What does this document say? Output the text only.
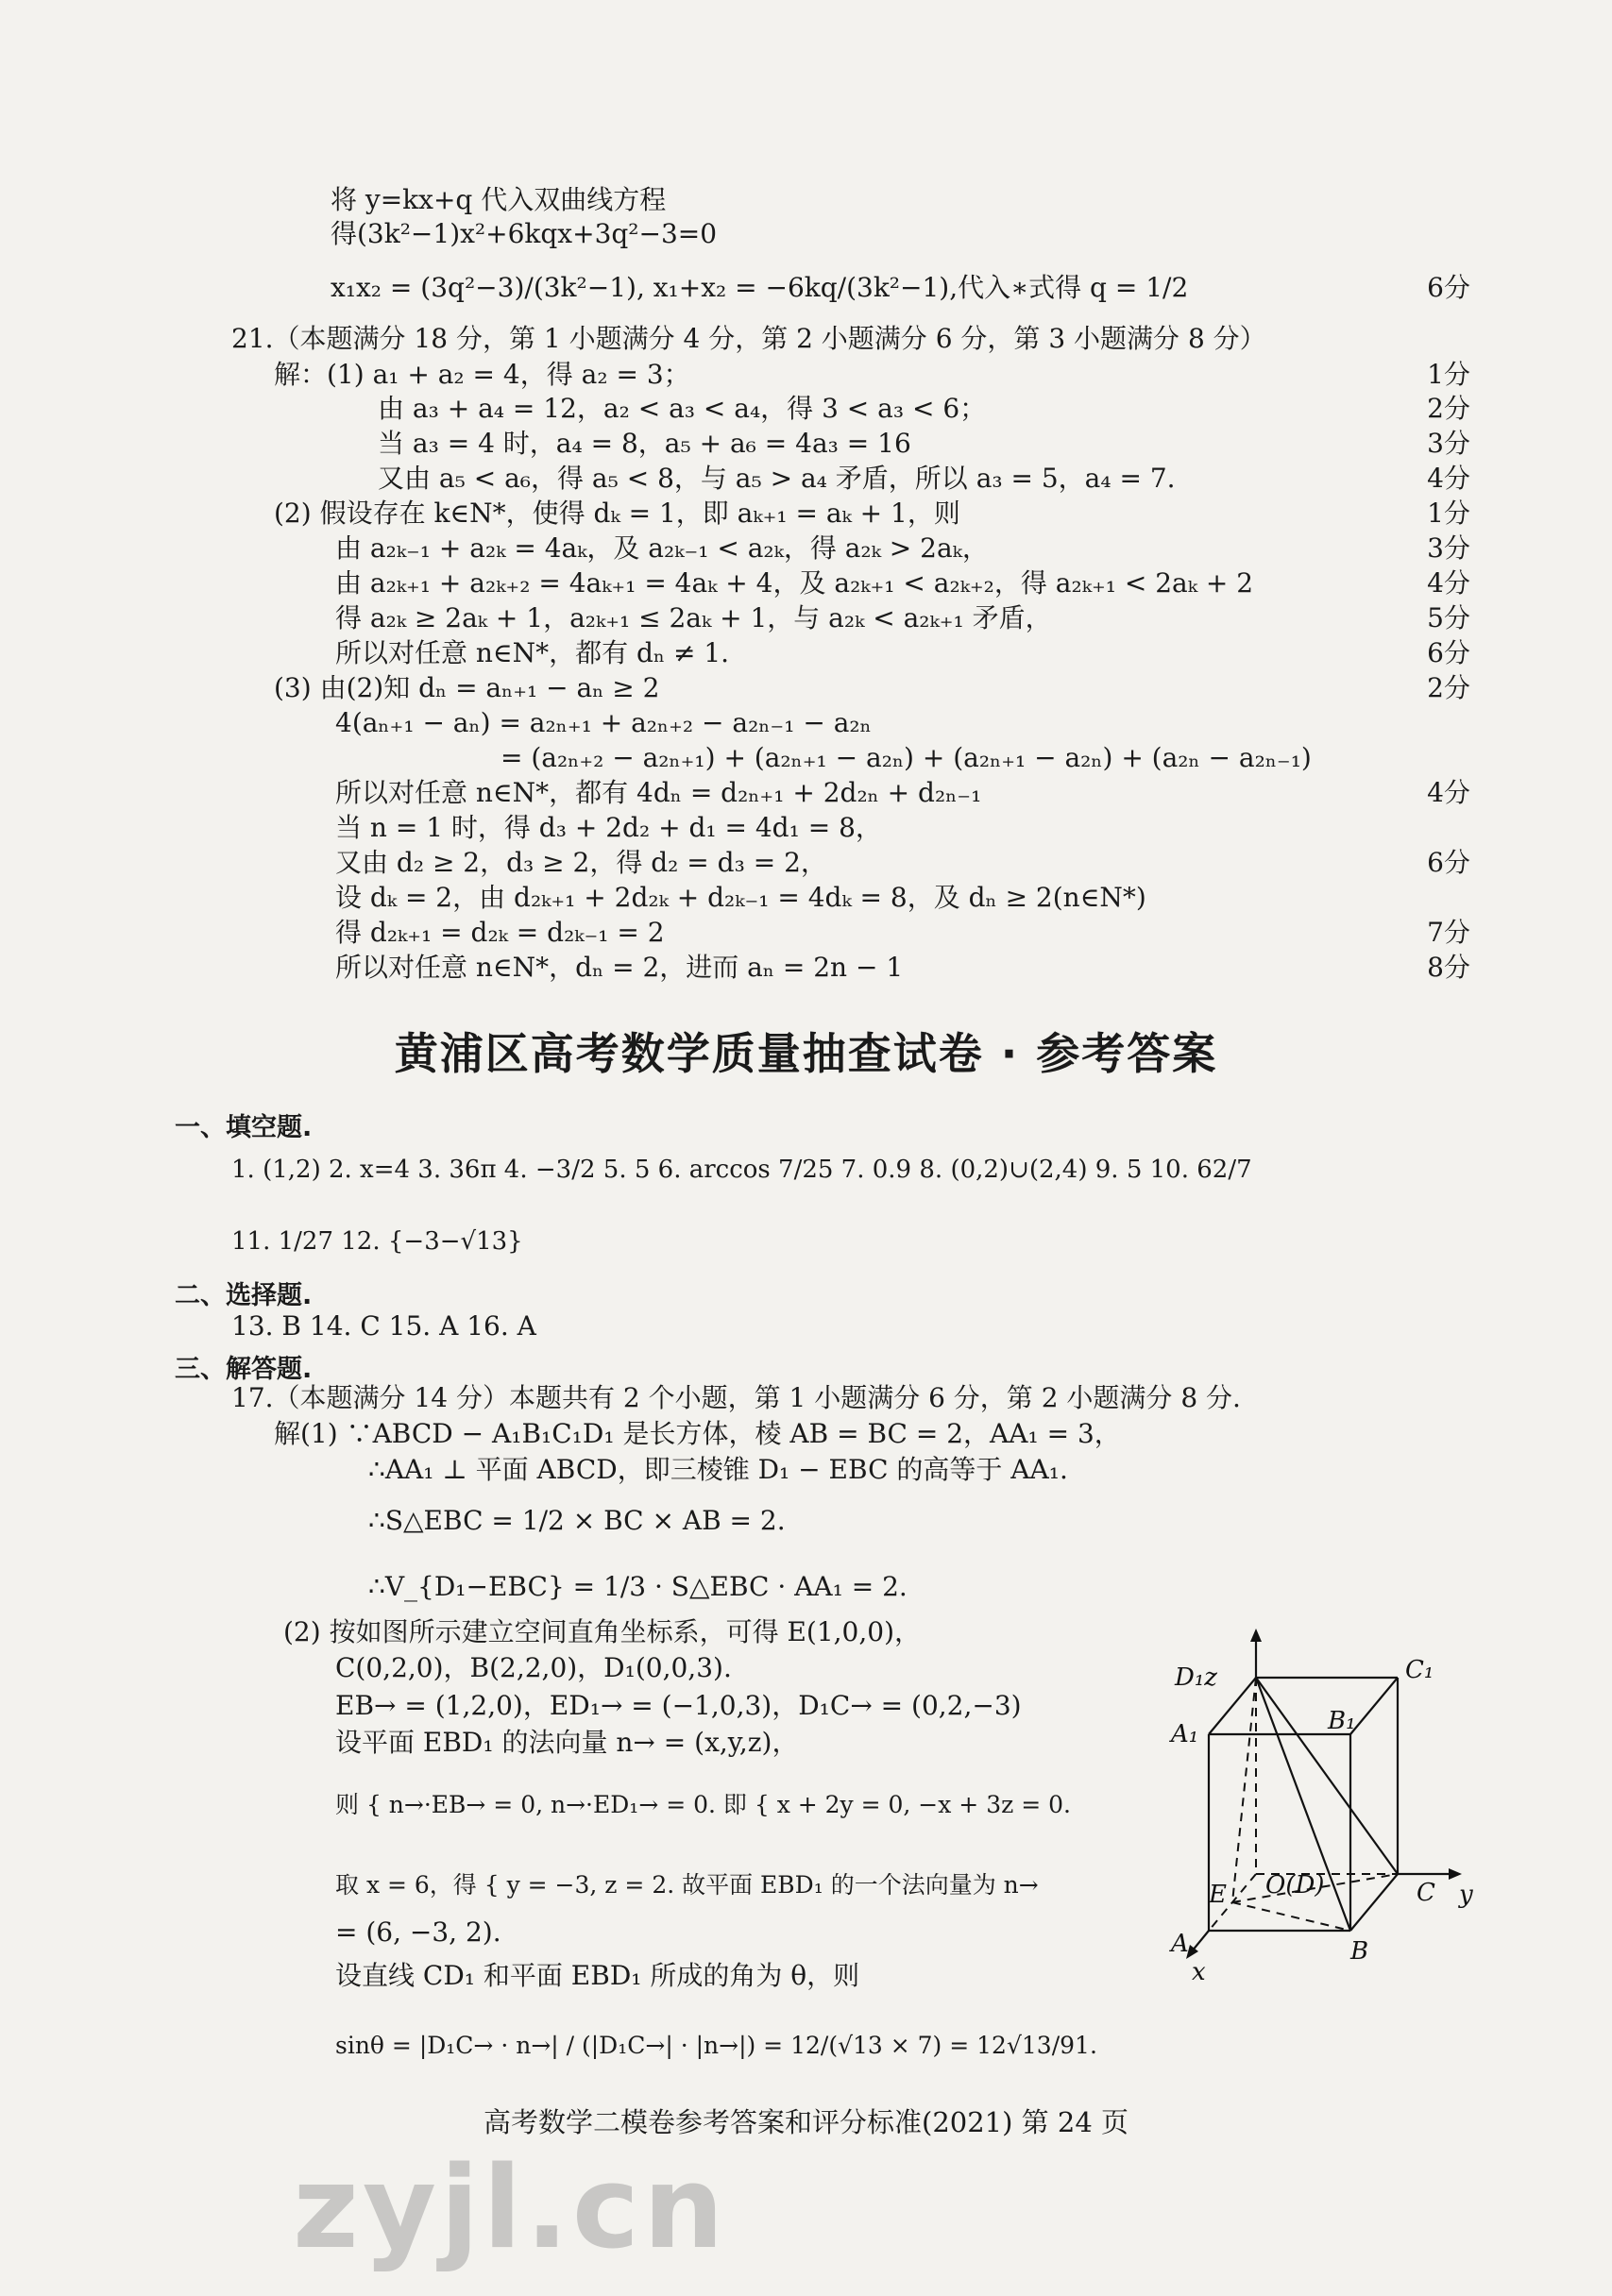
将 y=kx+q 代入双曲线方程
得(3k²−1)x²+6kqx+3q²−3=0
x₁x₂ = (3q²−3)/(3k²−1), x₁+x₂ = −6kq/(3k²−1),代入∗式得 q = 1/2	6分
21.（本题满分 18 分，第 1 小题满分 4 分，第 2 小题满分 6 分，第 3 小题满分 8 分）
解：(1) a₁ + a₂ = 4，得 a₂ = 3；	1分
由 a₃ + a₄ = 12，a₂ < a₃ < a₄，得 3 < a₃ < 6；	2分
当 a₃ = 4 时，a₄ = 8，a₅ + a₆ = 4a₃ = 16	3分
又由 a₅ < a₆，得 a₅ < 8，与 a₅ > a₄ 矛盾，所以 a₃ = 5，a₄ = 7.	4分
(2) 假设存在 k∈N*，使得 dₖ = 1，即 aₖ₊₁ = aₖ + 1，则	1分
由 a₂ₖ₋₁ + a₂ₖ = 4aₖ，及 a₂ₖ₋₁ < a₂ₖ，得 a₂ₖ > 2aₖ，	3分
由 a₂ₖ₊₁ + a₂ₖ₊₂ = 4aₖ₊₁ = 4aₖ + 4，及 a₂ₖ₊₁ < a₂ₖ₊₂，得 a₂ₖ₊₁ < 2aₖ + 2	4分
得 a₂ₖ ≥ 2aₖ + 1，a₂ₖ₊₁ ≤ 2aₖ + 1，与 a₂ₖ < a₂ₖ₊₁ 矛盾，	5分
所以对任意 n∈N*，都有 dₙ ≠ 1.	6分
(3) 由(2)知 dₙ = aₙ₊₁ − aₙ ≥ 2	2分
4(aₙ₊₁ − aₙ) = a₂ₙ₊₁ + a₂ₙ₊₂ − a₂ₙ₋₁ − a₂ₙ
= (a₂ₙ₊₂ − a₂ₙ₊₁) + (a₂ₙ₊₁ − a₂ₙ) + (a₂ₙ₊₁ − a₂ₙ) + (a₂ₙ − a₂ₙ₋₁)
所以对任意 n∈N*，都有 4dₙ = d₂ₙ₊₁ + 2d₂ₙ + d₂ₙ₋₁	4分
当 n = 1 时，得 d₃ + 2d₂ + d₁ = 4d₁ = 8，
又由 d₂ ≥ 2，d₃ ≥ 2，得 d₂ = d₃ = 2，	6分
设 dₖ = 2，由 d₂ₖ₊₁ + 2d₂ₖ + d₂ₖ₋₁ = 4dₖ = 8，及 dₙ ≥ 2(n∈N*)
得 d₂ₖ₊₁ = d₂ₖ = d₂ₖ₋₁ = 2	7分
所以对任意 n∈N*，dₙ = 2，进而 aₙ = 2n − 1	8分
黄浦区高考数学质量抽查试卷 · 参考答案
一、填空题.
1. (1,2) 2. x=4 3. 36π 4. −3/2 5. 5 6. arccos 7/25 7. 0.9 8. (0,2)∪(2,4) 9. 5 10. 62/7
11. 1/27 12. {−3−√13}
二、选择题.
13. B 14. C 15. A 16. A
三、解答题.
17.（本题满分 14 分）本题共有 2 个小题，第 1 小题满分 6 分，第 2 小题满分 8 分.
解(1) ∵ABCD − A₁B₁C₁D₁ 是长方体，棱 AB = BC = 2，AA₁ = 3，
∴AA₁ ⊥ 平面 ABCD，即三棱锥 D₁ − EBC 的高等于 AA₁.
∴S△EBC = 1/2 × BC × AB = 2.
∴V_{D₁−EBC} = 1/3 · S△EBC · AA₁ = 2.
(2) 按如图所示建立空间直角坐标系，可得 E(1,0,0)，
C(0,2,0)，B(2,2,0)，D₁(0,0,3).
EB→ = (1,2,0)，ED₁→ = (−1,0,3)，D₁C→ = (0,2,−3)
设平面 EBD₁ 的法向量 n→ = (x,y,z)，
则 { n→·EB→ = 0, n→·ED₁→ = 0. 即 { x + 2y = 0, −x + 3z = 0.
取 x = 6，得 { y = −3, z = 2. 故平面 EBD₁ 的一个法向量为 n→
= (6, −3, 2).
设直线 CD₁ 和平面 EBD₁ 所成的角为 θ，则
sinθ = |D₁C→ · n→| / (|D₁C→| · |n→|) = 12/(√13 × 7) = 12√13/91.
D₁z	C₁
A₁	B₁
O(D)
E	C y
A
x
B
高考数学二模卷参考答案和评分标准(2021) 第 24 页
zyjl.cn
